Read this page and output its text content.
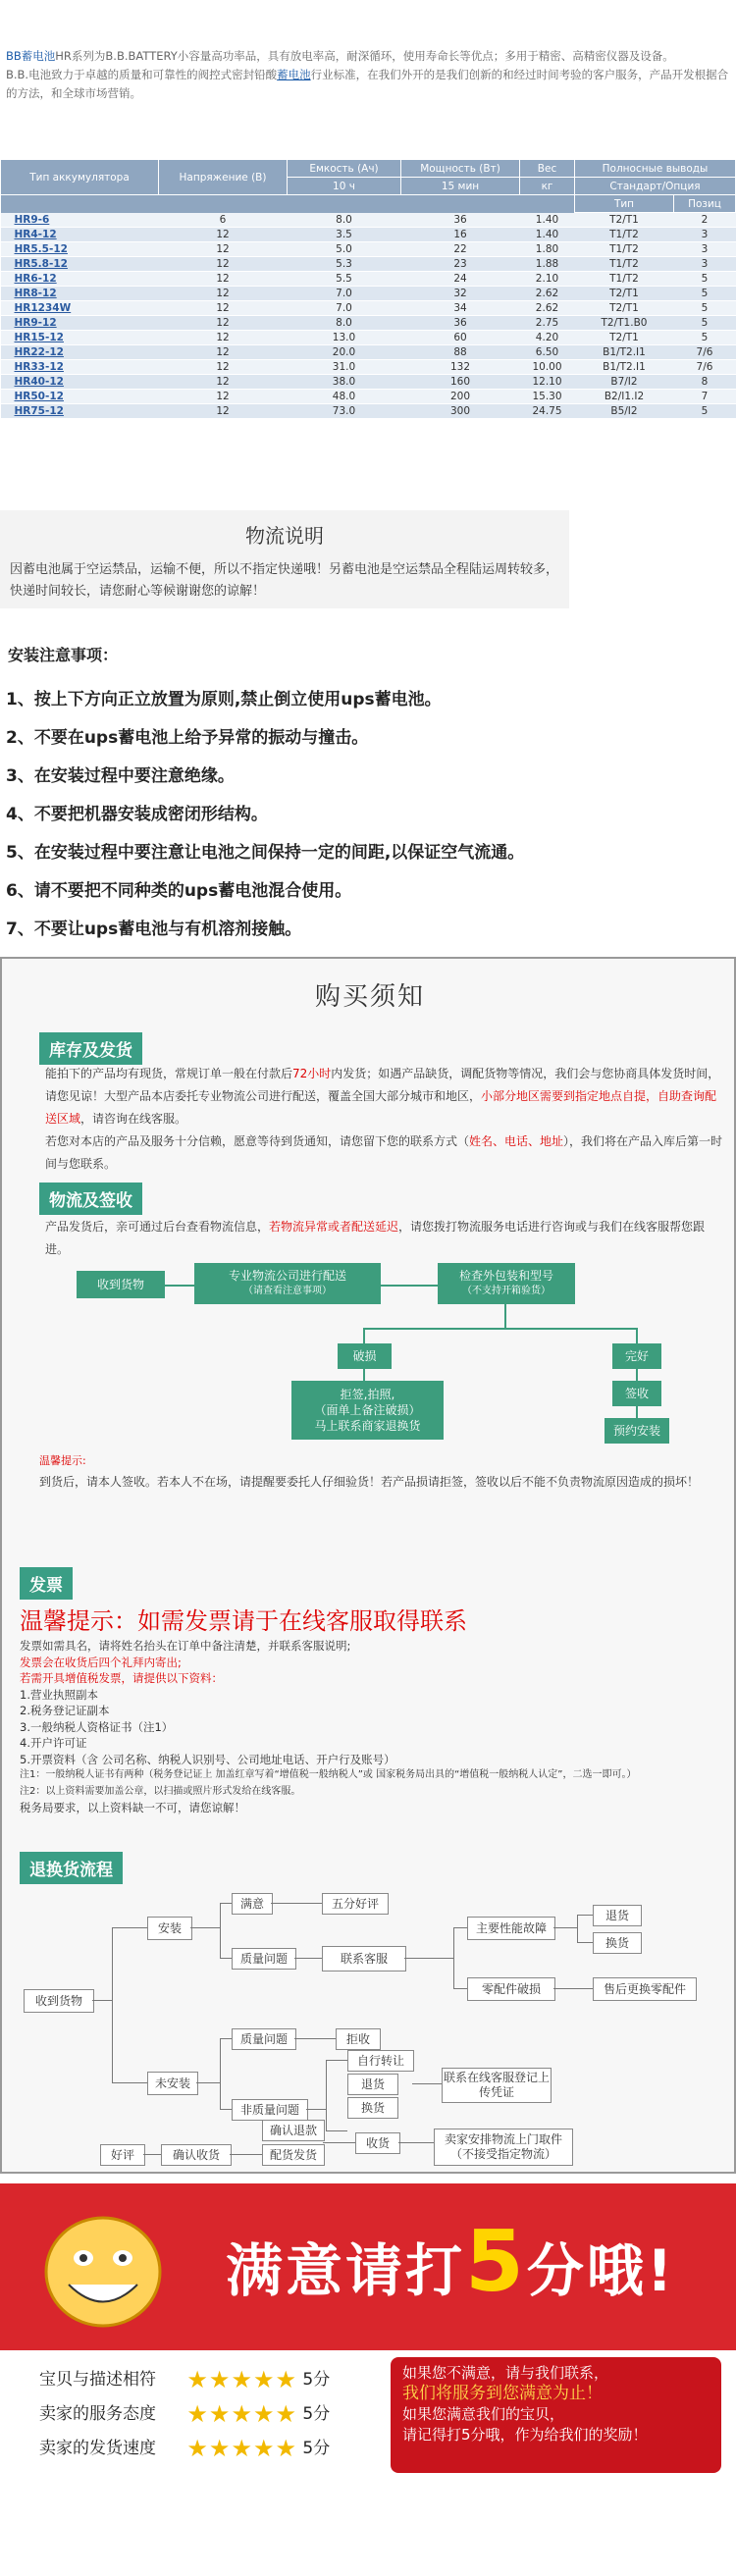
BB蓄电池HR系列为B.B.BATTERY小容量高功率品，具有放电率高，耐深循环，使用寿命长等优点；多用于精密、高精密仪器及设备。
B.B.电池致力于卓越的质量和可靠性的阀控式密封铅酸蓄电池行业标准，在我们外开的是我们创新的和经过时间考验的客户服务，产品开发根据合的方法，和全球市场营销。
Тип аккумулятора	Напряжение (В)	Емкость (Ач)	Мощность (Вт)	Вес	Полносные выводы	
		10 ч	15 мин	кг	Стандарт/Опция	

					Тип	Позиц
HR9-6	6	8.0	36	1.40	T2/T1	2
HR4-12	12	3.5	16	1.40	T1/T2	3
HR5.5-12	12	5.0	22	1.80	T1/T2	3
HR5.8-12	12	5.3	23	1.88	T1/T2	3
HR6-12	12	5.5	24	2.10	T1/T2	5
HR8-12	12	7.0	32	2.62	T2/T1	5
HR1234W	12	7.0	34	2.62	T2/T1	5
HR9-12	12	8.0	36	2.75	T2/T1.B0	5
HR15-12	12	13.0	60	4.20	T2/T1	5
HR22-12	12	20.0	88	6.50	B1/T2.I1	7/6
HR33-12	12	31.0	132	10.00	B1/T2.I1	7/6
HR40-12	12	38.0	160	12.10	B7/I2	8
HR50-12	12	48.0	200	15.30	B2/I1.I2	7
HR75-12	12	73.0	300	24.75	B5/I2	5
物流说明
因蓄电池属于空运禁品，运输不便，所以不指定快递哦！另蓄电池是空运禁品全程陆运周转较多，快递时间较长，请您耐心等候谢谢您的谅解！
安装注意事项：
1、按上下方向正立放置为原则,禁止倒立使用ups蓄电池。
2、不要在ups蓄电池上给予异常的振动与撞击。
3、在安装过程中要注意绝缘。
4、不要把机器安装成密闭形结构。
5、在安装过程中要注意让电池之间保持一定的间距,以保证空气流通。
6、请不要把不同种类的ups蓄电池混合使用。
7、不要让ups蓄电池与有机溶剂接触。
购买须知
库存及发货
能拍下的产品均有现货，常规订单一般在付款后72小时内发货；如遇产品缺货，调配货物等情况，我们会与您协商具体发货时间，请您见谅！大型产品本店委托专业物流公司进行配送，覆盖全国大部分城市和地区，小部分地区需要到指定地点自提，自助查询配送区域，请咨询在线客服。
若您对本店的产品及服务十分信赖，愿意等待到货通知，请您留下您的联系方式（姓名、电话、地址），我们将在产品入库后第一时间与您联系。
物流及签收
产品发货后，亲可通过后台查看物流信息，若物流异常或者配送延迟，请您拨打物流服务电话进行咨询或与我们在线客服帮您跟进。
收到货物
专业物流公司进行配送
（请查看注意事项）
检查外包装和型号
（不支持开箱验货）
破损	完好
拒签,拍照,
（面单上备注破损）
马上联系商家退换货
签收
预约安装
温馨提示:
到货后，请本人签收。若本人不在场，请提醒要委托人仔细验货！若产品损请拒签，签收以后不能不负责物流原因造成的损坏！
发票
温馨提示：如需发票请于在线客服取得联系
发票如需具名，请将姓名抬头在订单中备注清楚，并联系客服说明;
发票会在收货后四个礼拜内寄出;
若需开具增值税发票，请提供以下资料：
1.营业执照副本
2.税务登记证副本
3.一般纳税人资格证书（注1）
4.开户许可证
5.开票资料（含 公司名称、纳税人识别号、公司地址电话、开户行及账号）
注1：一般纳税人证书有两种（税务登记证上 加盖红章写着“增值税一般纳税人”或 国家税务局出具的“增值税一般纳税人认定”，二选一即可。）
注2：以上资料需要加盖公章，以扫描或照片形式发给在线客服。
税务局要求，以上资料缺一不可，请您谅解！
退换货流程
收到货物
安装
未安装
满意	五分好评
质量问题	联系客服
主要性能故障
零配件破损
退货
换货
售后更换零配件
质量问题
非质量问题
拒收
自行转让
退货
换货
联系在线客服登记上传凭证
卖家安排物流上门取件
（不接受指定物流）
确认退款
配货发货
收货
好评	确认收货
满意请打5分哦!
宝贝与描述相符 ★★★★★ 5分
卖家的服务态度 ★★★★★ 5分
卖家的发货速度 ★★★★★ 5分
如果您不满意，请与我们联系，
我们将服务到您满意为止！
如果您满意我们的宝贝，
请记得打5分哦，作为给我们的奖励！
